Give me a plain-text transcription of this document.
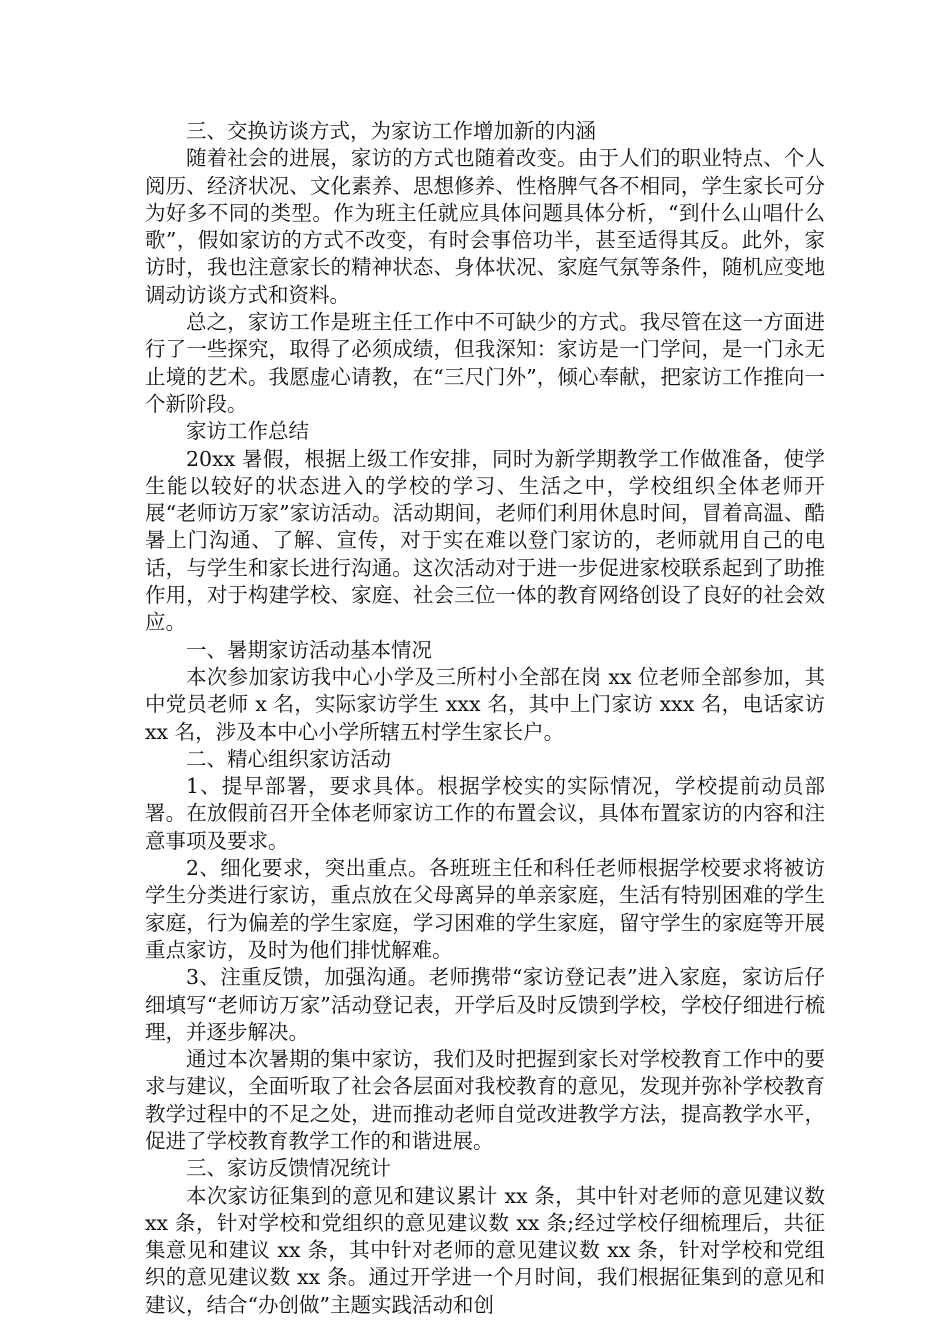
三、交换访谈方式，为家访工作增加新的内涵

随着社会的进展，家访的方式也随着改变。由于人们的职业特点、个人阅历、经济状况、文化素养、思想修养、性格脾气各不相同，学生家长可分为好多不同的类型。作为班主任就应具体问题具体分析，“到什么山唱什么歌”，假如家访的方式不改变，有时会事倍功半，甚至适得其反。此外，家访时，我也注意家长的精神状态、身体状况、家庭气氛等条件，随机应变地调动访谈方式和资料。

总之，家访工作是班主任工作中不可缺少的方式。我尽管在这一方面进行了一些探究，取得了必须成绩，但我深知：家访是一门学问，是一门永无止境的艺术。我愿虚心请教，在“三尺门外”，倾心奉献，把家访工作推向一个新阶段。

家访工作总结

20xx 暑假，根据上级工作安排，同时为新学期教学工作做准备，使学生能以较好的状态进入的学校的学习、生活之中，学校组织全体老师开展“老师访万家”家访活动。活动期间，老师们利用休息时间，冒着高温、酷暑上门沟通、了解、宣传，对于实在难以登门家访的，老师就用自己的电话，与学生和家长进行沟通。这次活动对于进一步促进家校联系起到了助推作用，对于构建学校、家庭、社会三位一体的教育网络创设了良好的社会效应。

一、暑期家访活动基本情况

本次参加家访我中心小学及三所村小全部在岗 xx 位老师全部参加，其中党员老师 x 名，实际家访学生 xxx 名，其中上门家访 xxx 名，电话家访 xx 名，涉及本中心小学所辖五村学生家长户。

二、精心组织家访活动

1、提早部署，要求具体。根据学校实的实际情况，学校提前动员部署。在放假前召开全体老师家访工作的布置会议，具体布置家访的内容和注意事项及要求。

2、细化要求，突出重点。各班班主任和科任老师根据学校要求将被访学生分类进行家访，重点放在父母离异的单亲家庭，生活有特别困难的学生家庭，行为偏差的学生家庭，学习困难的学生家庭，留守学生的家庭等开展重点家访，及时为他们排忧解难。

3、注重反馈，加强沟通。老师携带“家访登记表”进入家庭，家访后仔细填写“老师访万家”活动登记表，开学后及时反馈到学校，学校仔细进行梳理，并逐步解决。

通过本次暑期的集中家访，我们及时把握到家长对学校教育工作中的要求与建议，全面听取了社会各层面对我校教育的意见，发现并弥补学校教育教学过程中的不足之处，进而推动老师自觉改进教学方法，提高教学水平，促进了学校教育教学工作的和谐进展。

三、家访反馈情况统计

本次家访征集到的意见和建议累计 xx 条，其中针对老师的意见建议数 xx 条，针对学校和党组织的意见建议数 xx 条;经过学校仔细梳理后，共征集意见和建议 xx 条，其中针对老师的意见建议数 xx 条，针对学校和党组织的意见建议数 xx 条。通过开学进一个月时间，我们根据征集到的意见和建议，结合“办创做”主题实践活动和创
